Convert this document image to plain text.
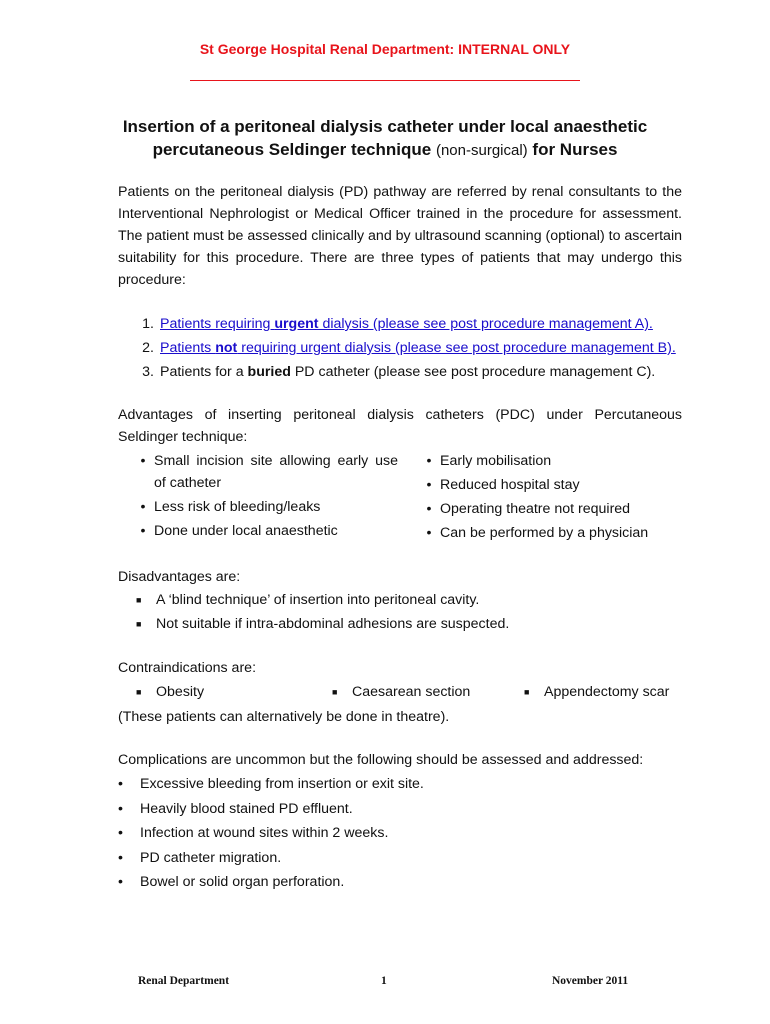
St George Hospital Renal Department: INTERNAL ONLY
Insertion of a peritoneal dialysis catheter under local anaesthetic
percutaneous Seldinger technique (non-surgical) for Nurses
Patients on the peritoneal dialysis (PD) pathway are referred by renal consultants to the Interventional Nephrologist or Medical Officer trained in the procedure for assessment. The patient must be assessed clinically and by ultrasound scanning (optional) to ascertain suitability for this procedure. There are three types of patients that may undergo this procedure:
1. Patients requiring urgent dialysis (please see post procedure management A).
2. Patients not requiring urgent dialysis (please see post procedure management B).
3. Patients for a buried PD catheter (please see post procedure management C).
Advantages of inserting peritoneal dialysis catheters (PDC) under Percutaneous Seldinger technique:
• Small incision site allowing early use of catheter
• Less risk of bleeding/leaks
• Done under local anaesthetic
• Early mobilisation
• Reduced hospital stay
• Operating theatre not required
• Can be performed by a physician
Disadvantages are:
■	A ‘blind technique’ of insertion into peritoneal cavity.
■	Not suitable if intra-abdominal adhesions are suspected.
Contraindications are:
■	Obesity	■	Caesarean section	■	Appendectomy scar
(These patients can alternatively be done in theatre).
Complications are uncommon but the following should be assessed and addressed:
•	Excessive bleeding from insertion or exit site.
•	Heavily blood stained PD effluent.
•	Infection at wound sites within 2 weeks.
•	PD catheter migration.
•	Bowel or solid organ perforation.
Renal Department	1	November 2011
